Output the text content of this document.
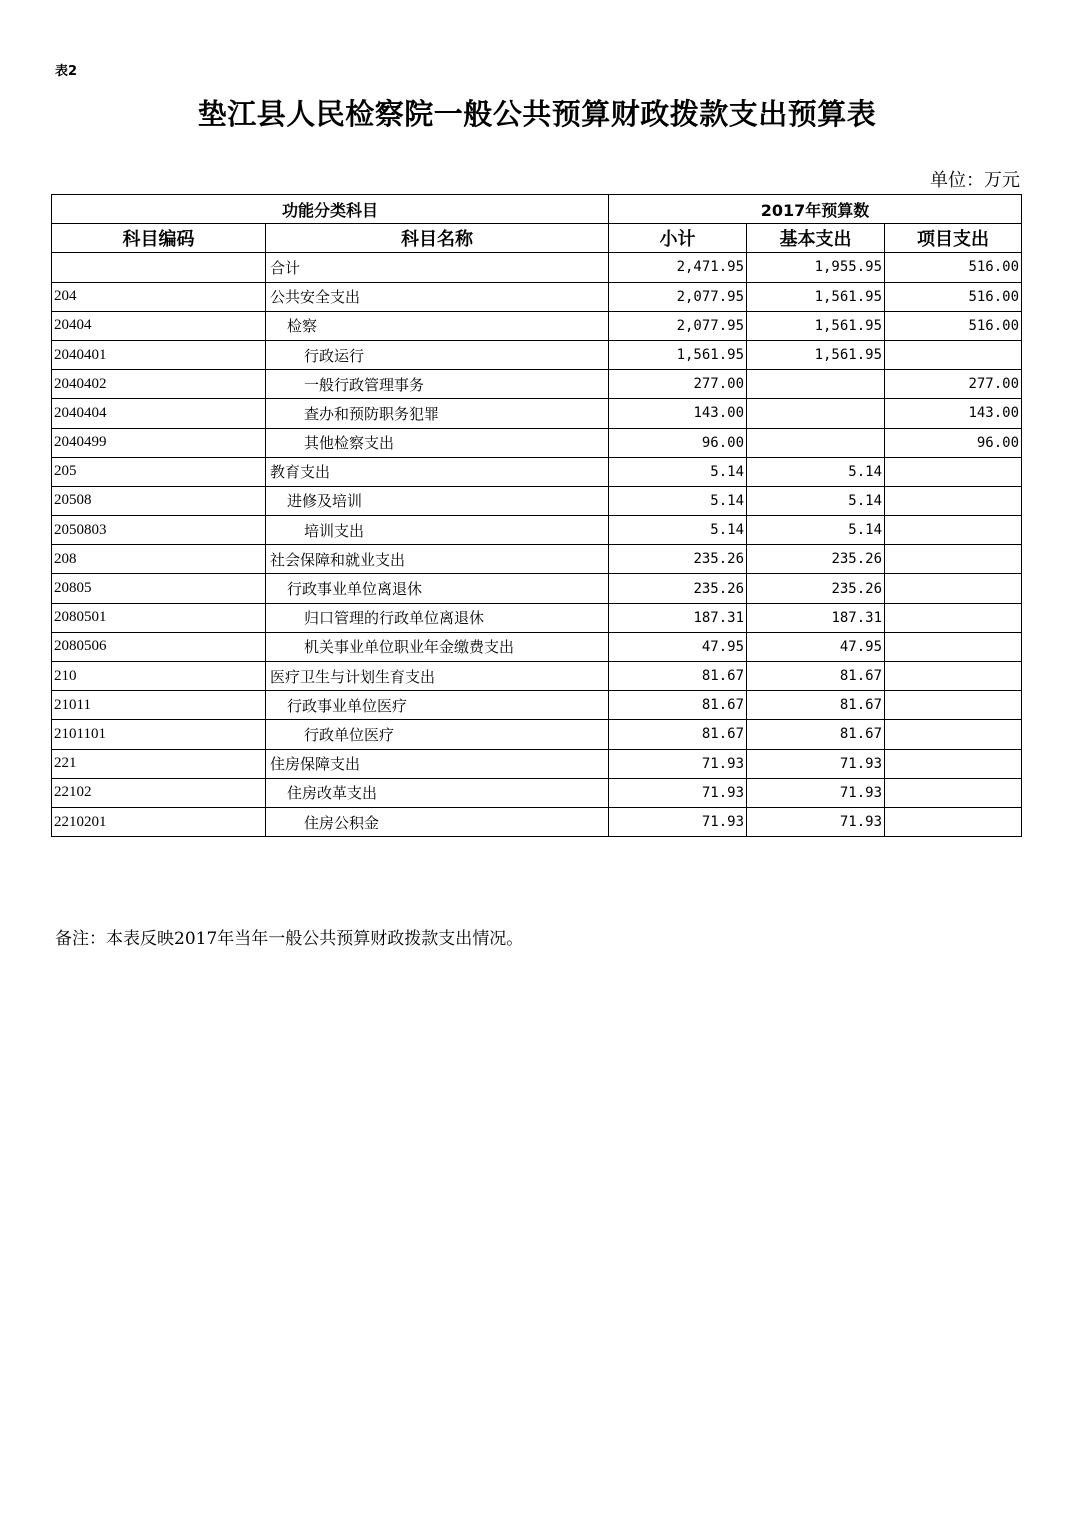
表2
垫江县人民检察院一般公共预算财政拨款支出预算表
单位：万元
功能分类科目		2017年预算数		
科目编码	科目名称	小计	基本支出	项目支出
	合计	2,471.95	1,955.95	516.00
204	公共安全支出	2,077.95	1,561.95	516.00
20404	检察	2,077.95	1,561.95	516.00
2040401	行政运行	1,561.95	1,561.95	
2040402	一般行政管理事务	277.00		277.00
2040404	查办和预防职务犯罪	143.00		143.00
2040499	其他检察支出	96.00		96.00
205	教育支出	5.14	5.14	
20508	进修及培训	5.14	5.14	
2050803	培训支出	5.14	5.14	
208	社会保障和就业支出	235.26	235.26	
20805	行政事业单位离退休	235.26	235.26	
2080501	归口管理的行政单位离退休	187.31	187.31	
2080506	机关事业单位职业年金缴费支出	47.95	47.95	
210	医疗卫生与计划生育支出	81.67	81.67	
21011	行政事业单位医疗	81.67	81.67	
2101101	行政单位医疗	81.67	81.67	
221	住房保障支出	71.93	71.93	
22102	住房改革支出	71.93	71.93	
2210201	住房公积金	71.93	71.93	
备注：本表反映2017年当年一般公共预算财政拨款支出情况。
